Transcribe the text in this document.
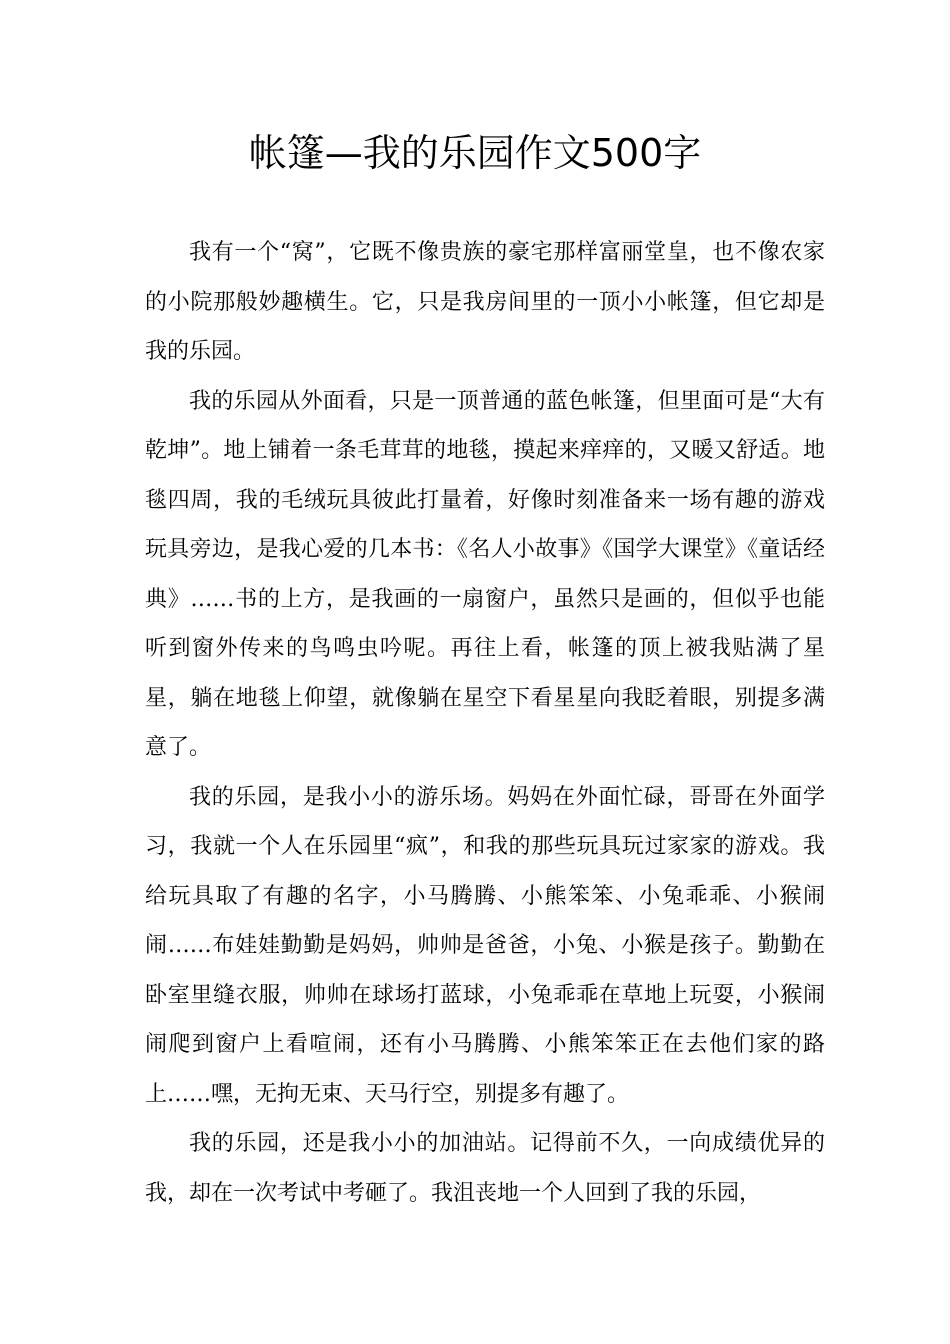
帐篷—我的乐园作文500字

我有一个“窝”，它既不像贵族的豪宅那样富丽堂皇，也不像农家的小院那般妙趣横生。它，只是我房间里的一顶小小帐篷，但它却是我的乐园。

我的乐园从外面看，只是一顶普通的蓝色帐篷，但里面可是“大有乾坤”。地上铺着一条毛茸茸的地毯，摸起来痒痒的，又暖又舒适。地毯四周，我的毛绒玩具彼此打量着，好像时刻准备来一场有趣的游戏玩具旁边，是我心爱的几本书：《名人小故事》《国学大课堂》《童话经典》……书的上方，是我画的一扇窗户，虽然只是画的，但似乎也能听到窗外传来的鸟鸣虫吟呢。再往上看，帐篷的顶上被我贴满了星星，躺在地毯上仰望，就像躺在星空下看星星向我眨着眼，别提多满意了。

我的乐园，是我小小的游乐场。妈妈在外面忙碌，哥哥在外面学习，我就一个人在乐园里“疯”，和我的那些玩具玩过家家的游戏。我给玩具取了有趣的名字，小马腾腾、小熊笨笨、小兔乖乖、小猴闹闹……布娃娃勤勤是妈妈，帅帅是爸爸，小兔、小猴是孩子。勤勤在卧室里缝衣服，帅帅在球场打蓝球，小兔乖乖在草地上玩耍，小猴闹闹爬到窗户上看喧闹，还有小马腾腾、小熊笨笨正在去他们家的路上……嘿，无拘无束、天马行空，别提多有趣了。

我的乐园，还是我小小的加油站。记得前不久，一向成绩优异的我，却在一次考试中考砸了。我沮丧地一个人回到了我的乐园，
